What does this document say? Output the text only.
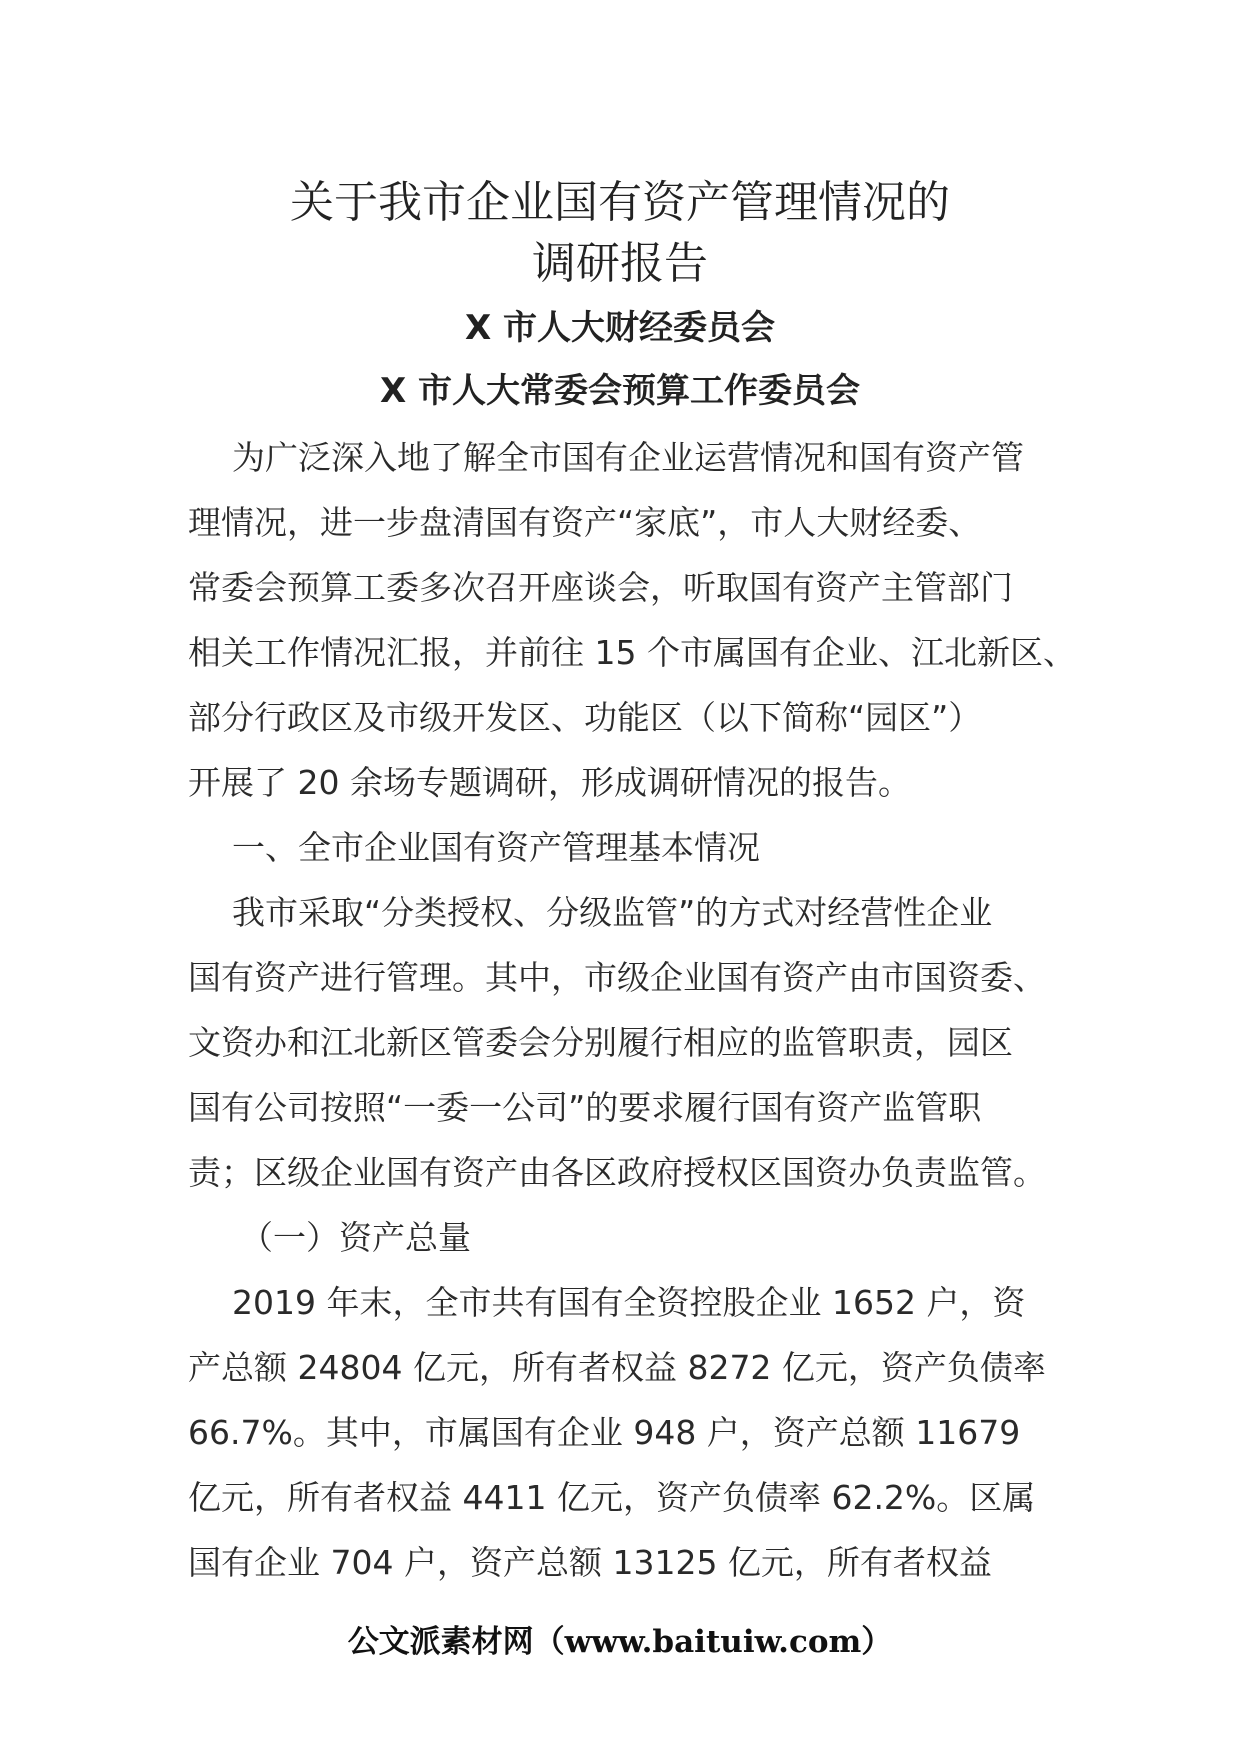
关于我市企业国有资产管理情况的
调研报告
X 市人大财经委员会
X 市人大常委会预算工作委员会
为广泛深入地了解全市国有企业运营情况和国有资产管
理情况，进一步盘清国有资产“家底”，市人大财经委、
常委会预算工委多次召开座谈会，听取国有资产主管部门
相关工作情况汇报，并前往 15 个市属国有企业、江北新区、
部分行政区及市级开发区、功能区（以下简称“园区”）
开展了 20 余场专题调研，形成调研情况的报告。
一、全市企业国有资产管理基本情况
我市采取“分类授权、分级监管”的方式对经营性企业
国有资产进行管理。其中，市级企业国有资产由市国资委、
文资办和江北新区管委会分别履行相应的监管职责，园区
国有公司按照“一委一公司”的要求履行国有资产监管职
责；区级企业国有资产由各区政府授权区国资办负责监管。
（一）资产总量
2019 年末，全市共有国有全资控股企业 1652 户，资
产总额 24804 亿元，所有者权益 8272 亿元，资产负债率
66.7%。其中，市属国有企业 948 户，资产总额 11679
亿元，所有者权益 4411 亿元，资产负债率 62.2%。区属
国有企业 704 户，资产总额 13125 亿元，所有者权益
公文派素材网（www.baituiw.com）
